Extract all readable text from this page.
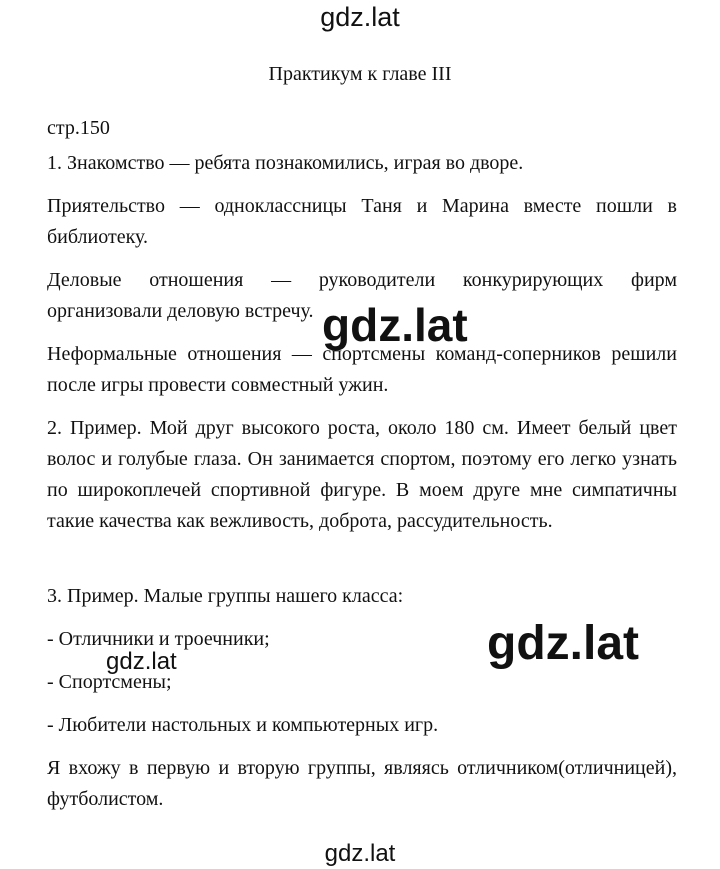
gdz.lat
Практикум к главе III
стр.150
1. Знакомство — ребята познакомились, играя во дворе.
Приятельство — одноклассницы Таня и Марина вместе пошли в библиотеку.
Деловые отношения — руководители конкурирующих фирм организовали деловую встречу.
Неформальные отношения — спортсмены команд-соперников решили после игры провести совместный ужин.
2. Пример. Мой друг высокого роста, около 180 см. Имеет белый цвет волос и голубые глаза. Он занимается спортом, поэтому его легко узнать по широкоплечей спортивной фигуре. В моем друге мне симпатичны такие качества как вежливость, доброта, рассудительность.
3. Пример. Малые группы нашего класса:
- Отличники и троечники;
- Спортсмены;
- Любители настольных и компьютерных игр.
Я вхожу в первую и вторую группы, являясь отличником(отличницей), футболистом.
gdz.lat
gdz.lat
gdz.lat
gdz.lat
